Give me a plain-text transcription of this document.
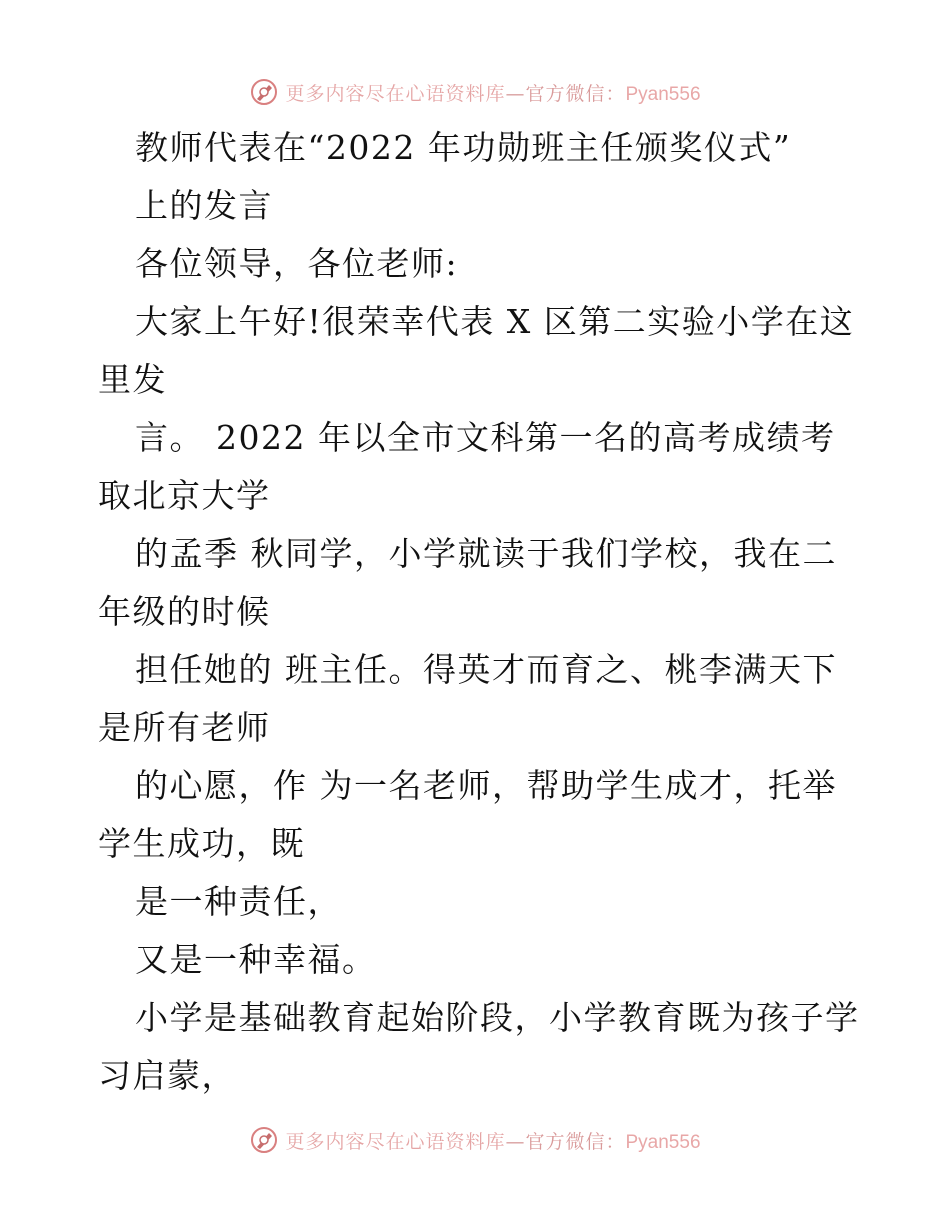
更多内容尽在心语资料库—官方微信：Pyan556
教师代表在“2022 年功勋班主任颁奖仪式”
上的发言
各位领导，各位老师:
大家上午好!很荣幸代表 X 区第二实验小学在这
里发
言。 2022 年以全市文科第一名的高考成绩考
取北京大学
的孟季 秋同学，小学就读于我们学校，我在二
年级的时候
担任她的 班主任。得英才而育之、桃李满天下
是所有老师
的心愿，作 为一名老师，帮助学生成才，托举
学生成功，既
是一种责任，
又是一种幸福。
小学是基础教育起始阶段，小学教育既为孩子学
习启蒙，
更多内容尽在心语资料库—官方微信：Pyan556
